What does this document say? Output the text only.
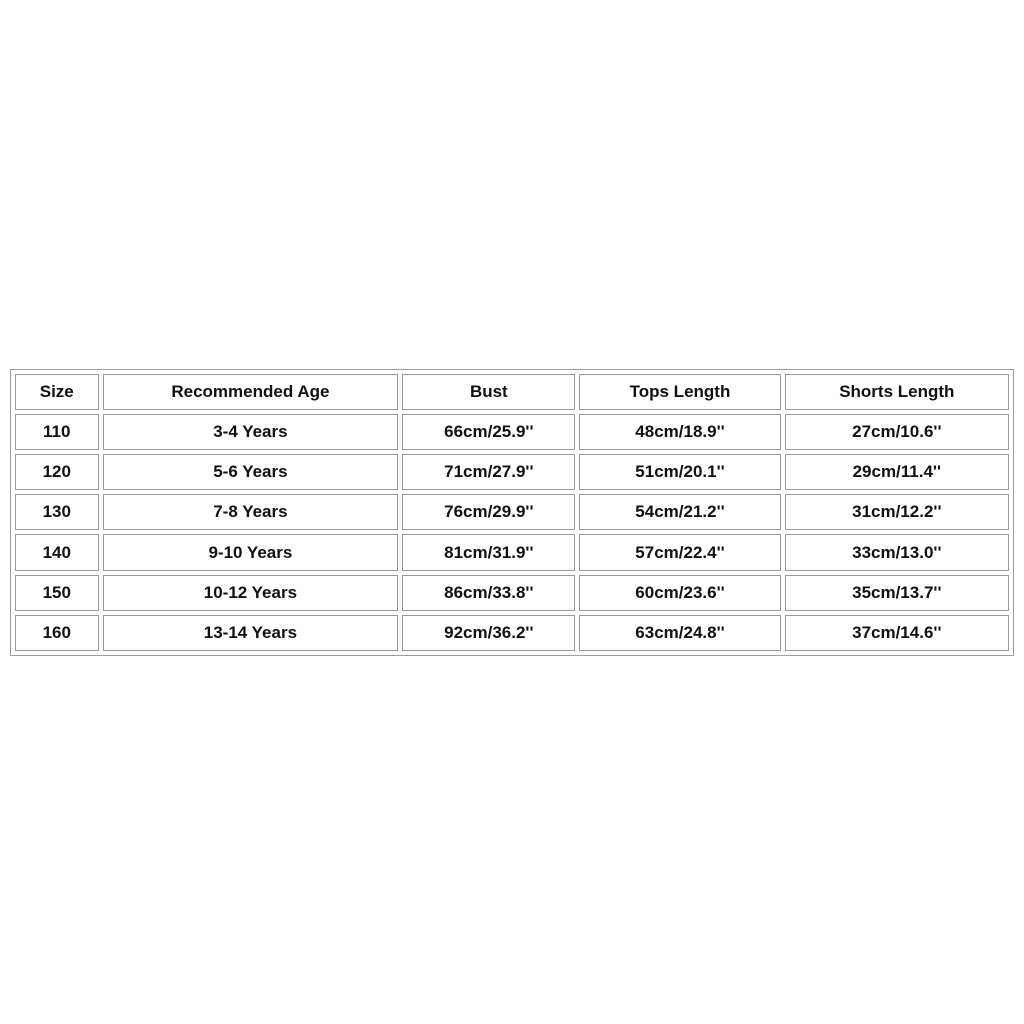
Size	Recommended Age	Bust	Tops Length	Shorts Length
110	3-4 Years	66cm/25.9''	48cm/18.9''	27cm/10.6''
120	5-6 Years	71cm/27.9''	51cm/20.1''	29cm/11.4''
130	7-8 Years	76cm/29.9''	54cm/21.2''	31cm/12.2''
140	9-10 Years	81cm/31.9''	57cm/22.4''	33cm/13.0''
150	10-12 Years	86cm/33.8''	60cm/23.6''	35cm/13.7''
160	13-14 Years	92cm/36.2''	63cm/24.8''	37cm/14.6''
